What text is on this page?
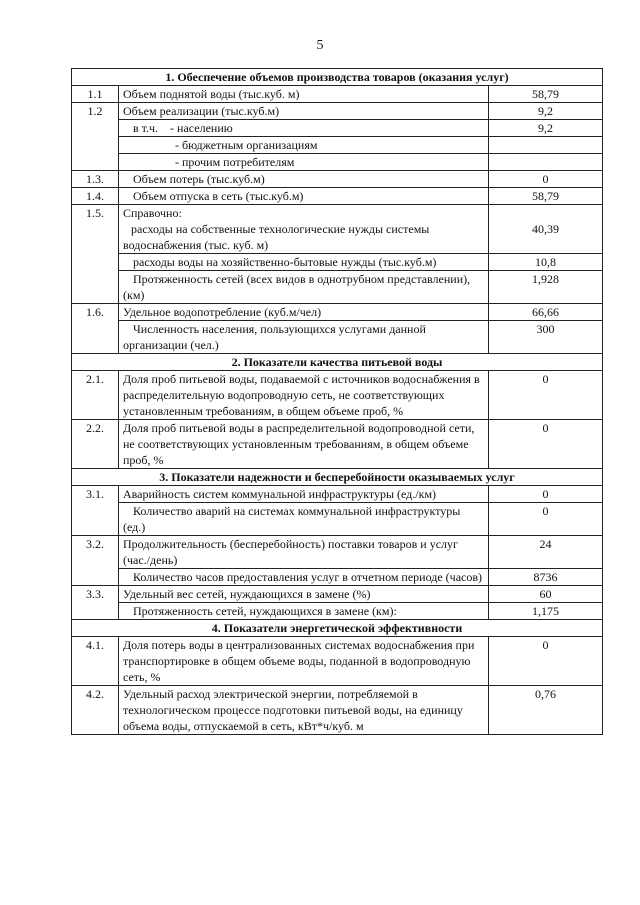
5
1. Обеспечение объемов производства товаров (оказания услуг)		
1.1	Объем поднятой воды (тыс.куб. м)	58,79
1.2	Объем реализации (тыс.куб.м)	9,2
	в т.ч.    - населению	9,2
	- бюджетным организациям	
	- прочим потребителям	
1.3.	Объем потерь (тыс.куб.м)	0
1.4.	Объем отпуска в сеть (тыс.куб.м)	58,79
1.5.	Справочно:	
	расходы на собственные технологические нужды системы водоснабжения (тыс. куб. м)	40,39
	расходы воды на хозяйственно-бытовые нужды (тыс.куб.м)	10,8
	Протяженность сетей (всех видов в однотрубном представлении), (км)	1,928
1.6.	Удельное водопотребление (куб.м/чел)	66,66
	Численность населения, пользующихся услугами данной организации (чел.)	300
2. Показатели качества питьевой воды		
2.1.	Доля проб питьевой воды, подаваемой с источников водоснабжения в распределительную водопроводную сеть, не соответствующих установленным требованиям, в общем объеме проб, %	0
2.2.	Доля проб питьевой воды в распределительной водопроводной сети, не соответствующих установленным требованиям, в общем объеме проб, %	0
3. Показатели надежности и бесперебойности оказываемых услуг		
3.1.	Аварийность систем коммунальной инфраструктуры (ед./км)	0
	Количество аварий на системах коммунальной инфраструктуры (ед.)	0
3.2.	Продолжительность (бесперебойность) поставки товаров и услуг (час./день)	24
	Количество часов предоставления услуг в отчетном периоде (часов)	8736
3.3.	Удельный вес сетей, нуждающихся в замене (%)	60
	Протяженность сетей, нуждающихся в замене (км):	1,175
4. Показатели энергетической эффективности		
4.1.	Доля потерь воды в централизованных системах водоснабжения при транспортировке в общем объеме воды, поданной в водопроводную сеть, %	0
4.2.	Удельный расход электрической энергии, потребляемой в технологическом процессе подготовки питьевой воды, на единицу объема воды, отпускаемой в сеть, кВт*ч/куб. м	0,76
